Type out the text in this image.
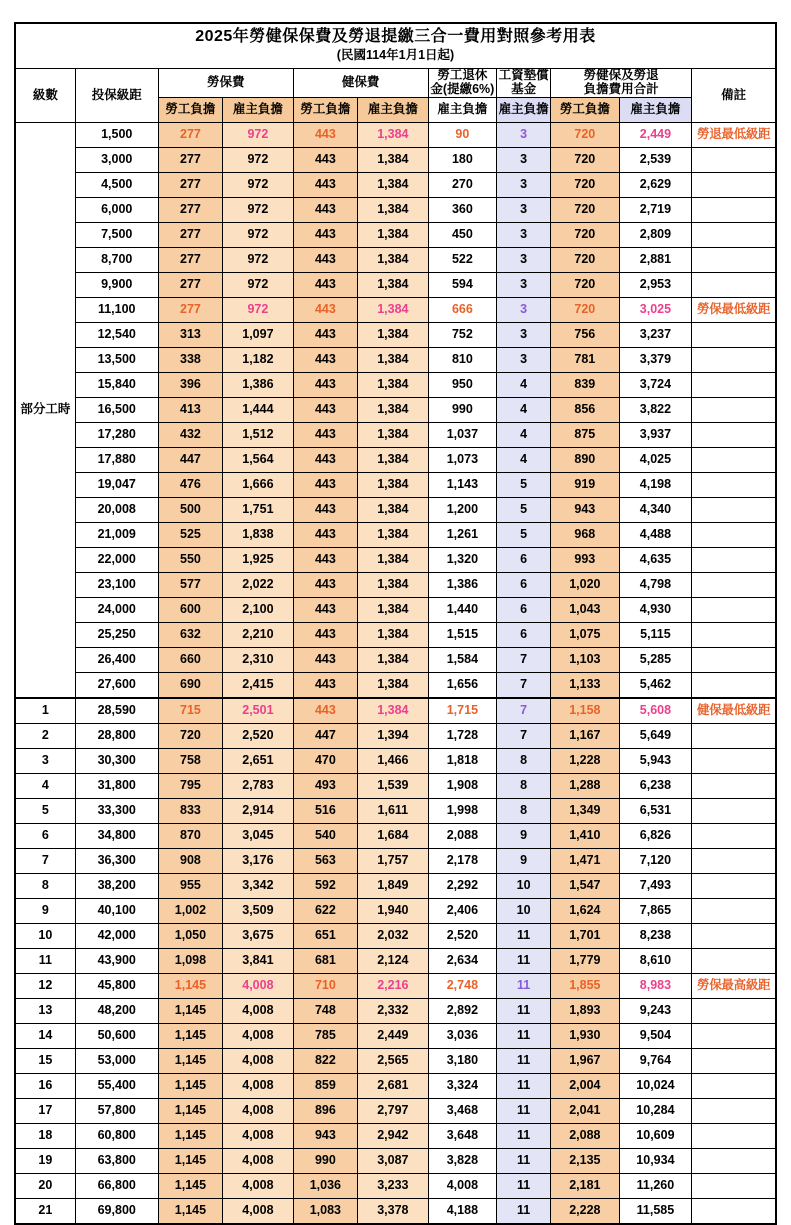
2025年勞健保保費及勞退提繳三合一費用對照參考用表
(民國114年1月1日起)										

級數	投保級距	勞保費	健保費	勞工退休
金(提繳6%)

工資墊償
基金

勞健保及勞退
負擔費用合計	備註
		勞工負擔	雇主負擔	勞工負擔	雇主負擔	雇主負擔	雇主負擔	勞工負擔	雇主負擔	
部分工時	1,500	277	972	443	1,384	90	3	720	2,449	勞退最低級距
	3,000	277	972	443	1,384	180	3	720	2,539	
	4,500	277	972	443	1,384	270	3	720	2,629	
	6,000	277	972	443	1,384	360	3	720	2,719	
	7,500	277	972	443	1,384	450	3	720	2,809	
	8,700	277	972	443	1,384	522	3	720	2,881	
	9,900	277	972	443	1,384	594	3	720	2,953	
	11,100	277	972	443	1,384	666	3	720	3,025	勞保最低級距
	12,540	313	1,097	443	1,384	752	3	756	3,237	
	13,500	338	1,182	443	1,384	810	3	781	3,379	
	15,840	396	1,386	443	1,384	950	4	839	3,724	
	16,500	413	1,444	443	1,384	990	4	856	3,822	
	17,280	432	1,512	443	1,384	1,037	4	875	3,937	
	17,880	447	1,564	443	1,384	1,073	4	890	4,025	
	19,047	476	1,666	443	1,384	1,143	5	919	4,198	
	20,008	500	1,751	443	1,384	1,200	5	943	4,340	
	21,009	525	1,838	443	1,384	1,261	5	968	4,488	
	22,000	550	1,925	443	1,384	1,320	6	993	4,635	
	23,100	577	2,022	443	1,384	1,386	6	1,020	4,798	
	24,000	600	2,100	443	1,384	1,440	6	1,043	4,930	
	25,250	632	2,210	443	1,384	1,515	6	1,075	5,115	
	26,400	660	2,310	443	1,384	1,584	7	1,103	5,285	
	27,600	690	2,415	443	1,384	1,656	7	1,133	5,462	
1	28,590	715	2,501	443	1,384	1,715	7	1,158	5,608	健保最低級距
2	28,800	720	2,520	447	1,394	1,728	7	1,167	5,649	
3	30,300	758	2,651	470	1,466	1,818	8	1,228	5,943	
4	31,800	795	2,783	493	1,539	1,908	8	1,288	6,238	
5	33,300	833	2,914	516	1,611	1,998	8	1,349	6,531	
6	34,800	870	3,045	540	1,684	2,088	9	1,410	6,826	
7	36,300	908	3,176	563	1,757	2,178	9	1,471	7,120	
8	38,200	955	3,342	592	1,849	2,292	10	1,547	7,493	
9	40,100	1,002	3,509	622	1,940	2,406	10	1,624	7,865	
10	42,000	1,050	3,675	651	2,032	2,520	11	1,701	8,238	
11	43,900	1,098	3,841	681	2,124	2,634	11	1,779	8,610	
12	45,800	1,145	4,008	710	2,216	2,748	11	1,855	8,983	勞保最高級距
13	48,200	1,145	4,008	748	2,332	2,892	11	1,893	9,243	
14	50,600	1,145	4,008	785	2,449	3,036	11	1,930	9,504	
15	53,000	1,145	4,008	822	2,565	3,180	11	1,967	9,764	
16	55,400	1,145	4,008	859	2,681	3,324	11	2,004	10,024	
17	57,800	1,145	4,008	896	2,797	3,468	11	2,041	10,284	
18	60,800	1,145	4,008	943	2,942	3,648	11	2,088	10,609	
19	63,800	1,145	4,008	990	3,087	3,828	11	2,135	10,934	
20	66,800	1,145	4,008	1,036	3,233	4,008	11	2,181	11,260	
21	69,800	1,145	4,008	1,083	3,378	4,188	11	2,228	11,585	
